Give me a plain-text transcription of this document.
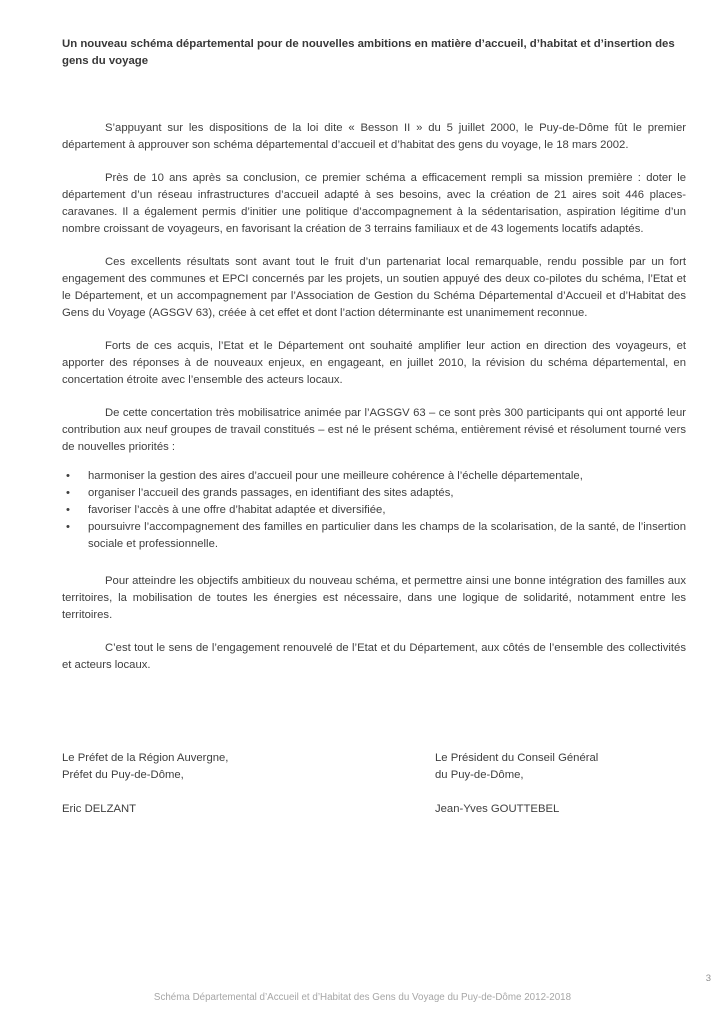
Un nouveau schéma départemental pour de nouvelles ambitions en matière d’accueil, d’habitat et d’insertion des gens du voyage

S’appuyant sur les dispositions de la loi dite « Besson II » du 5 juillet 2000, le Puy-de-Dôme fût le premier département à approuver son schéma départemental d’accueil et d’habitat des gens du voyage, le 18 mars 2002.

Près de 10 ans après sa conclusion, ce premier schéma a efficacement rempli sa mission première : doter le département d’un réseau infrastructures d’accueil adapté à ses besoins, avec la création de 21 aires soit 446 places-caravanes. Il a également permis d’initier une politique d’accompagnement à la sédentarisation, aspiration légitime d’un nombre croissant de voyageurs, en favorisant la création de 3 terrains familiaux et de 43 logements locatifs adaptés.

Ces excellents résultats sont avant tout le fruit d’un partenariat local remarquable, rendu possible par un fort engagement des communes et EPCI concernés par les projets, un soutien appuyé des deux co-pilotes du schéma, l’Etat et le Département, et un accompagnement par l’Association de Gestion du Schéma Départemental d’Accueil et d’Habitat des Gens du Voyage (AGSGV 63), créée à cet effet et dont l’action déterminante est unanimement reconnue.

Forts de ces acquis, l’Etat et le Département ont souhaité amplifier leur action en direction des voyageurs, et apporter des réponses à de nouveaux enjeux, en engageant, en juillet 2010, la révision du schéma départemental, en concertation étroite avec l’ensemble des acteurs locaux.

De cette concertation très mobilisatrice animée par l’AGSGV 63 – ce sont près 300 participants qui ont apporté leur contribution aux neuf groupes de travail constitués – est né le présent schéma, entièrement révisé et résolument tourné vers de nouvelles priorités :

• harmoniser la gestion des aires d’accueil pour une meilleure cohérence à l’échelle départementale,
• organiser l’accueil des grands passages, en identifiant des sites adaptés,
• favoriser l’accès à une offre d’habitat adaptée et diversifiée,
• poursuivre l’accompagnement des familles en particulier dans les champs de la scolarisation, de la santé, de l’insertion sociale et professionnelle.

Pour atteindre les objectifs ambitieux du nouveau schéma, et permettre ainsi une bonne intégration des familles aux territoires, la mobilisation de toutes les énergies est nécessaire, dans une logique de solidarité, notamment entre les territoires.

C’est tout le sens de l’engagement renouvelé de l’Etat et du Département, aux côtés de l’ensemble des collectivités et acteurs locaux.

Le Préfet de la Région Auvergne,

Préfet du Puy-de-Dôme,

Eric DELZANT

Le Président du Conseil Général

du Puy-de-Dôme,

Jean-Yves GOUTTEBEL

3
Schéma Départemental d’Accueil et d’Habitat des Gens du Voyage du Puy-de-Dôme 2012-2018
